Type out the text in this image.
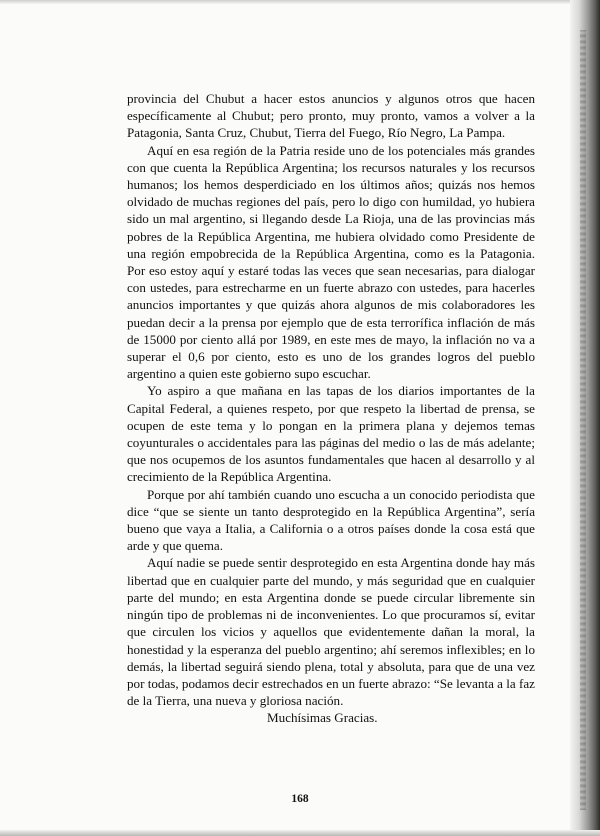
provincia del Chubut a hacer estos anuncios y algunos otros que hacen específicamente al Chubut; pero pronto, muy pronto, vamos a volver a la Patagonia, Santa Cruz, Chubut, Tierra del Fuego, Río Negro, La Pampa.

Aquí en esa región de la Patria reside uno de los potenciales más grandes con que cuenta la República Argentina; los recursos naturales y los recursos humanos; los hemos desperdiciado en los últimos años; quizás nos hemos olvidado de muchas regiones del país, pero lo digo con humildad, yo hubiera sido un mal argentino, si llegando desde La Rioja, una de las provincias más pobres de la República Argentina, me hubiera olvidado como Presidente de una región empobrecida de la República Argentina, como es la Patagonia. Por eso estoy aquí y estaré todas las veces que sean necesarias, para dialogar con ustedes, para estrecharme en un fuerte abrazo con ustedes, para hacerles anuncios importantes y que quizás ahora algunos de mis colaboradores les puedan decir a la prensa por ejemplo que de esta terrorífica inflación de más de 15000 por ciento allá por 1989, en este mes de mayo, la inflación no va a superar el 0,6 por ciento, esto es uno de los grandes logros del pueblo argentino a quien este gobierno supo escuchar.

Yo aspiro a que mañana en las tapas de los diarios importantes de la Capital Federal, a quienes respeto, por que respeto la libertad de prensa, se ocupen de este tema y lo pongan en la primera plana y dejemos temas coyunturales o accidentales para las páginas del medio o las de más adelante; que nos ocupemos de los asuntos fundamentales que hacen al desarrollo y al crecimiento de la República Argentina.

Porque por ahí también cuando uno escucha a un conocido periodista que dice “que se siente un tanto desprotegido en la República Argentina”, sería bueno que vaya a Italia, a California o a otros países donde la cosa está que arde y que quema.

Aquí nadie se puede sentir desprotegido en esta Argentina donde hay más libertad que en cualquier parte del mundo, y más seguridad que en cualquier parte del mundo; en esta Argentina donde se puede circular libremente sin ningún tipo de problemas ni de inconvenientes. Lo que procuramos sí, evitar que circulen los vicios y aquellos que evidentemente dañan la moral, la honestidad y la esperanza del pueblo argentino; ahí seremos inflexibles; en lo demás, la libertad seguirá siendo plena, total y absoluta, para que de una vez por todas, podamos decir estrechados en un fuerte abrazo: “Se levanta a la faz de la Tierra, una nueva y gloriosa nación.

Muchísimas Gracias.

168
